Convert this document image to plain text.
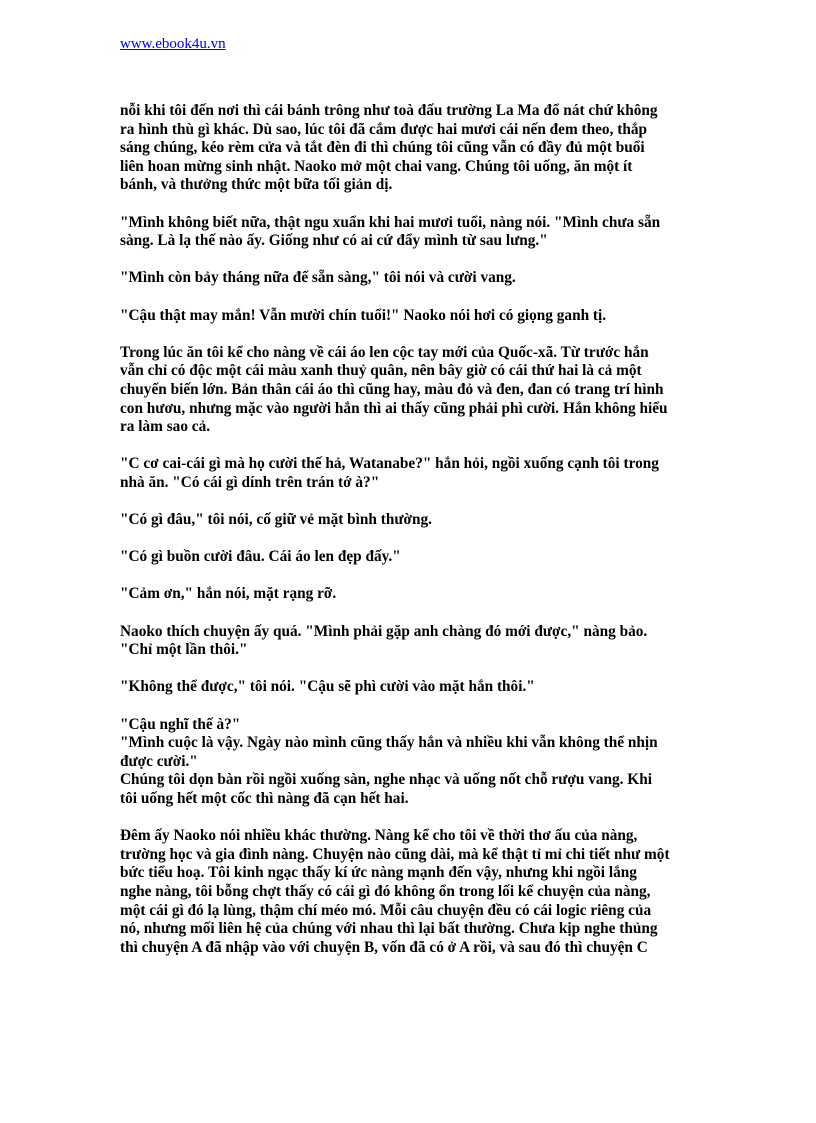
www.ebook4u.vn

nỗi khi tôi đến nơi thì cái bánh trông như toà đấu trường La Ma đổ nát chứ không
ra hình thù gì khác. Dù sao, lúc tôi đã cắm được hai mươi cái nến đem theo, thắp
sáng chúng, kéo rèm cửa và tắt đèn đi thì chúng tôi cũng vẫn có đầy đủ một buổi
liên hoan mừng sinh nhật. Naoko mở một chai vang. Chúng tôi uống, ăn một ít
bánh, và thưởng thức một bữa tối giản dị.

"Mình không biết nữa, thật ngu xuẩn khi hai mươi tuổi, nàng nói. "Mình chưa sẵn
sàng. Là lạ thế nào ấy. Giống như có ai cứ đẩy mình từ sau lưng."

"Mình còn bảy tháng nữa để sẵn sàng," tôi nói và cười vang.

"Cậu thật may mắn! Vẫn mười chín tuổi!" Naoko nói hơi có giọng ganh tị.

Trong lúc ăn tôi kể cho nàng về cái áo len cộc tay mới của Quốc-xã. Từ trước hắn
vẫn chỉ có độc một cái màu xanh thuỷ quân, nên bây giờ có cái thứ hai là cả một
chuyển biến lớn. Bản thân cái áo thì cũng hay, màu đỏ và đen, đan có trang trí hình
con hươu, nhưng mặc vào người hắn thì ai thấy cũng phải phì cười. Hắn không hiểu
ra làm sao cả.

"C cơ cai-cái gì mà họ cười thế hả, Watanabe?" hắn hỏi, ngồi xuống cạnh tôi trong
nhà ăn. "Có cái gì dính trên trán tớ à?"

"Có gì đâu," tôi nói, cố giữ vẻ mặt bình thường.

"Có gì buồn cười đâu. Cái áo len đẹp đấy."

"Cảm ơn," hắn nói, mặt rạng rỡ.

Naoko thích chuyện ấy quá. "Mình phải gặp anh chàng đó mới được," nàng bảo.
"Chỉ một lần thôi."

"Không thể được," tôi nói. "Cậu sẽ phì cười vào mặt hắn thôi."

"Cậu nghĩ thế à?"

"Mình cuộc là vậy. Ngày nào mình cũng thấy hắn và nhiều khi vẫn không thể nhịn
được cười."

Chúng tôi dọn bàn rồi ngồi xuống sàn, nghe nhạc và uống nốt chỗ rượu vang. Khi
tôi uống hết một cốc thì nàng đã cạn hết hai.

Đêm ấy Naoko nói nhiều khác thường. Nàng kể cho tôi về thời thơ ấu của nàng,
trường học và gia đình nàng. Chuyện nào cũng dài, mà kể thật tỉ mỉ chi tiết như một
bức tiểu hoạ. Tôi kinh ngạc thấy kí ức nàng mạnh đến vậy, nhưng khi ngồi lắng
nghe nàng, tôi bỗng chợt thấy có cái gì đó không ổn trong lối kể chuyện của nàng,
một cái gì đó lạ lùng, thậm chí méo mó. Mỗi câu chuyện đều có cái logic riêng của
nó, nhưng mối liên hệ của chúng với nhau thì lại bất thường. Chưa kịp nghe thủng
thì chuyện A đã nhập vào với chuyện B, vốn đã có ở A rồi, và sau đó thì chuyện C
